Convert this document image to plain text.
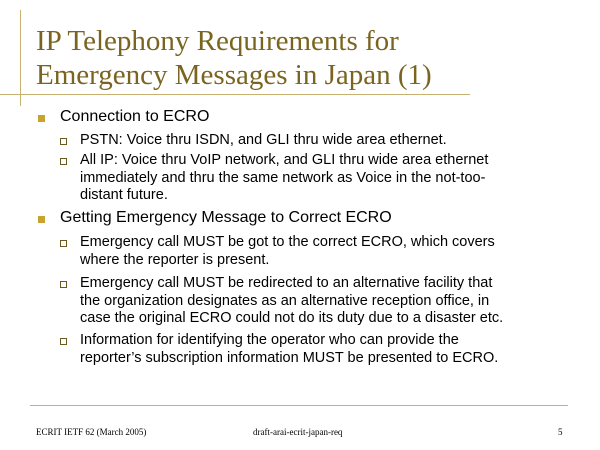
IP Telephony Requirements for
Emergency Messages in Japan (1)
Connection to ECRO
PSTN: Voice thru ISDN, and GLI thru wide area ethernet.
All IP: Voice thru VoIP network, and GLI thru wide area ethernet
immediately and thru the same network as Voice in the not-too-
distant future.
Getting Emergency Message to Correct ECRO
Emergency call MUST be got to the correct ECRO, which covers
where the reporter is present.
Emergency call MUST be redirected to an alternative facility that
the organization designates as an alternative reception office, in
case the original ECRO could not do its duty due to a disaster etc.
Information for identifying the operator who can provide the
reporter’s subscription information MUST be presented to ECRO.
ECRIT IETF 62 (March 2005)	draft-arai-ecrit-japan-req	5
